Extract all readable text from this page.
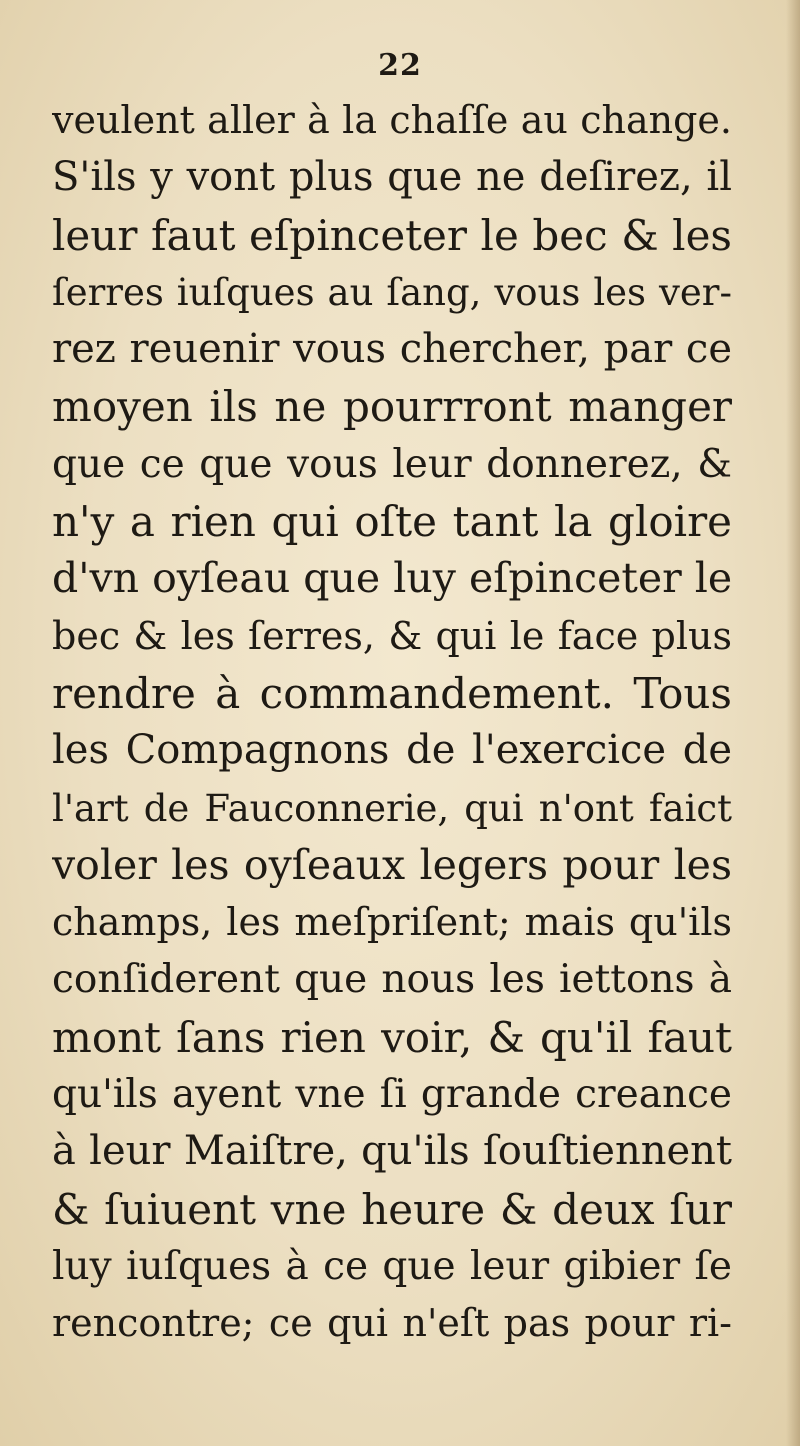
22
veulent aller à la chaſſe au change.
S'ils y vont plus que ne deſirez, il
leur faut eſpinceter le bec & les
ſerres iuſques au ſang, vous les ver-
rez reuenir vous chercher, par ce
moyen ils ne pourrront manger
que ce que vous leur donnerez, &
n'y a rien qui oſte tant la gloire
d'vn oyſeau que luy eſpinceter le
bec & les ſerres, & qui le face plus
rendre à commandement. Tous
les Compagnons de l'exercice de
l'art de Fauconnerie, qui n'ont faict
voler les oyſeaux legers pour les
champs, les meſpriſent; mais qu'ils
conſiderent que nous les iettons à
mont ſans rien voir, & qu'il faut
qu'ils ayent vne ſi grande creance
à leur Maiſtre, qu'ils ſouſtiennent
& ſuiuent vne heure & deux ſur
luy iuſques à ce que leur gibier ſe
rencontre; ce qui n'eſt pas pour ri-
